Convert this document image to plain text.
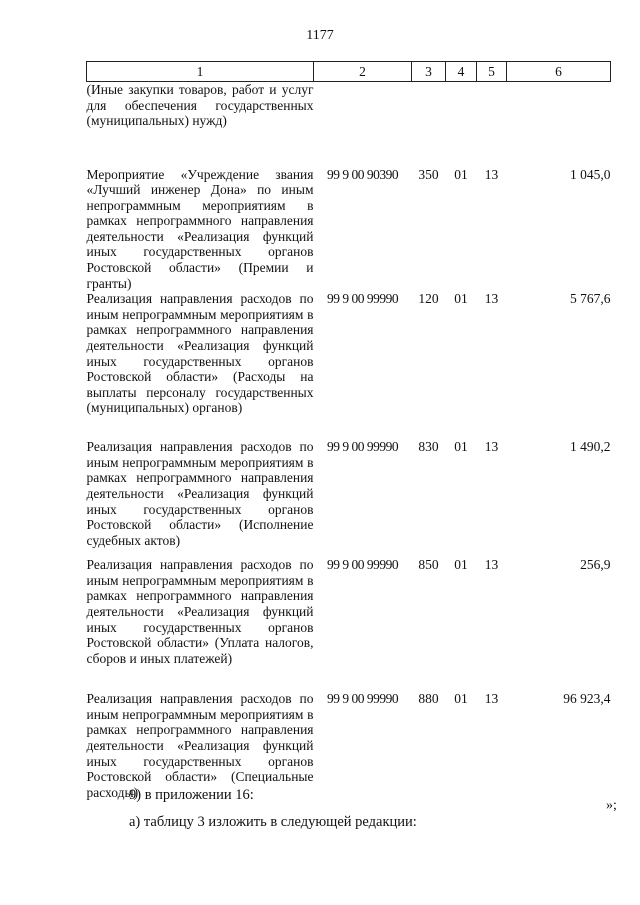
1177
1	2	3	4	5	6
(Иные закупки товаров, работ и услуг для обеспечения государственных (муниципальных) нужд)					
Мероприятие «Учреждение звания «Лучший инженер Дона» по иным непрограммным мероприятиям в рамках непрограммного направления деятельности «Реализация функций иных государственных органов Ростовской области» (Премии и гранты)	99 9 00 90390	350	01	13	1 045,0
Реализация направления расходов по иным непрограммным мероприятиям в рамках непрограммного направления деятельности «Реализация функций иных государственных органов Ростовской области» (Расходы на выплаты персоналу государственных (муниципальных) органов)	99 9 00 99990	120	01	13	5 767,6
Реализация направления расходов по иным непрограммным мероприятиям в рамках непрограммного направления деятельности «Реализация функций иных государственных органов Ростовской области» (Исполнение судебных актов)	99 9 00 99990	830	01	13	1 490,2
Реализация направления расходов по иным непрограммным мероприятиям в рамках непрограммного направления деятельности «Реализация функций иных государственных органов Ростовской области» (Уплата налогов, сборов и иных платежей)	99 9 00 99990	850	01	13	256,9
Реализация направления расходов по иным непрограммным мероприятиям в рамках непрограммного направления деятельности «Реализация функций иных государственных органов Ростовской области» (Специальные расходы)	99 9 00 99990	880	01	13	96 923,4
»;
9) в приложении 16:
а) таблицу 3 изложить в следующей редакции:
